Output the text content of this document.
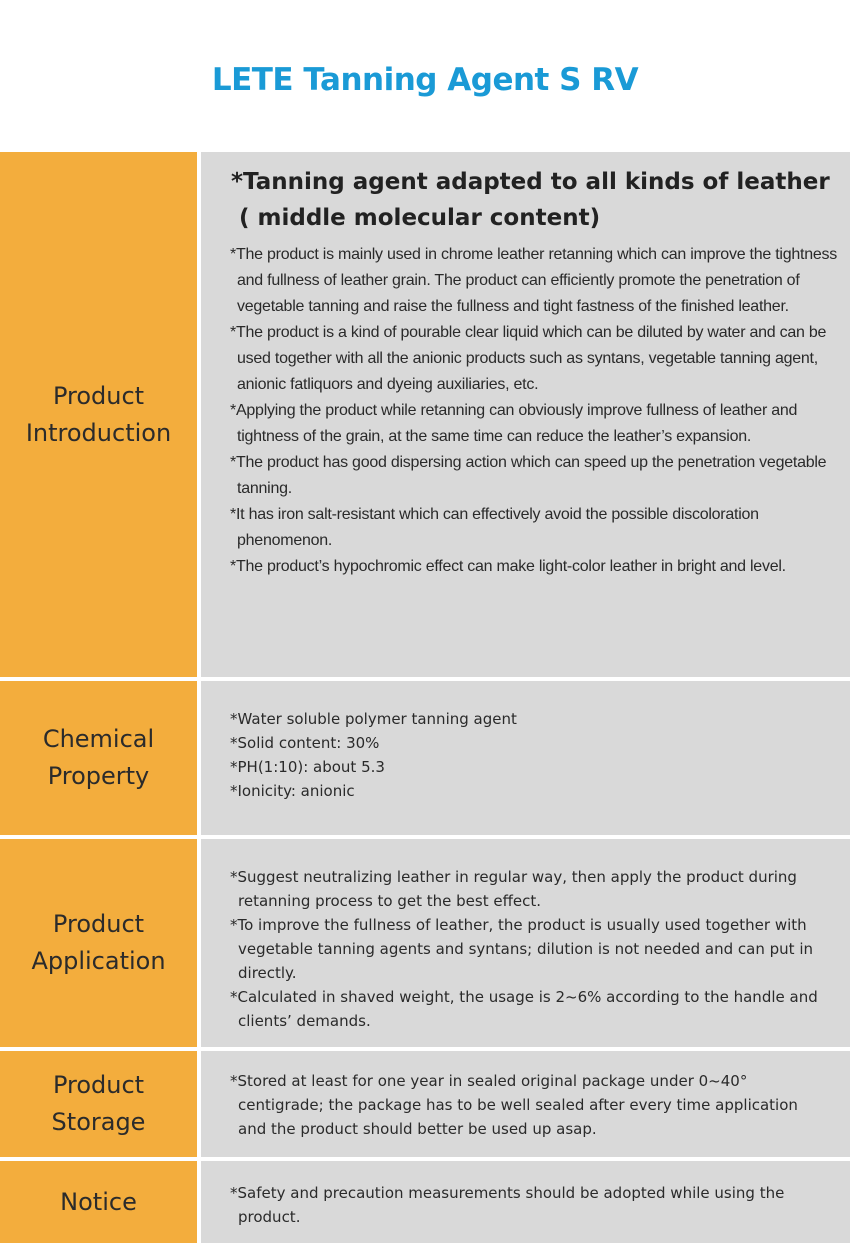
LETE Tanning Agent S RV
Product
Introduction
*Tanning agent adapted to all kinds of leather
( middle molecular content)
*The product is mainly used in chrome leather retanning which can improve the tightness and fullness of leather grain. The product can efficiently promote the penetration of vegetable tanning and raise the fullness and tight fastness of the finished leather.
*The product is a kind of pourable clear liquid which can be diluted by water and can be used together with all the anionic products such as syntans, vegetable tanning agent, anionic fatliquors and dyeing auxiliaries, etc.
*Applying the product while retanning can obviously improve fullness of leather and tightness of the grain, at the same time can reduce the leather’s expansion.
*The product has good dispersing action which can speed up the penetration vegetable tanning.
*It has iron salt-resistant which can effectively avoid the possible discoloration phenomenon.
*The product’s hypochromic effect can make light-color leather in bright and level.
Chemical
Property
*Water soluble polymer tanning agent
*Solid content: 30%
*PH(1:10): about 5.3
*Ionicity: anionic
Product
Application
*Suggest neutralizing leather in regular way, then apply the product during retanning process to get the best effect.
*To improve the fullness of leather, the product is usually used together with vegetable tanning agents and syntans; dilution is not needed and can put in directly.
*Calculated in shaved weight, the usage is 2~6% according to the handle and clients’ demands.
Product
Storage
*Stored at least for one year in sealed original package under 0~40° centigrade; the package has to be well sealed after every time application and the product should better be used up asap.
Notice	*Safety and precaution measurements should be adopted while using the product.
